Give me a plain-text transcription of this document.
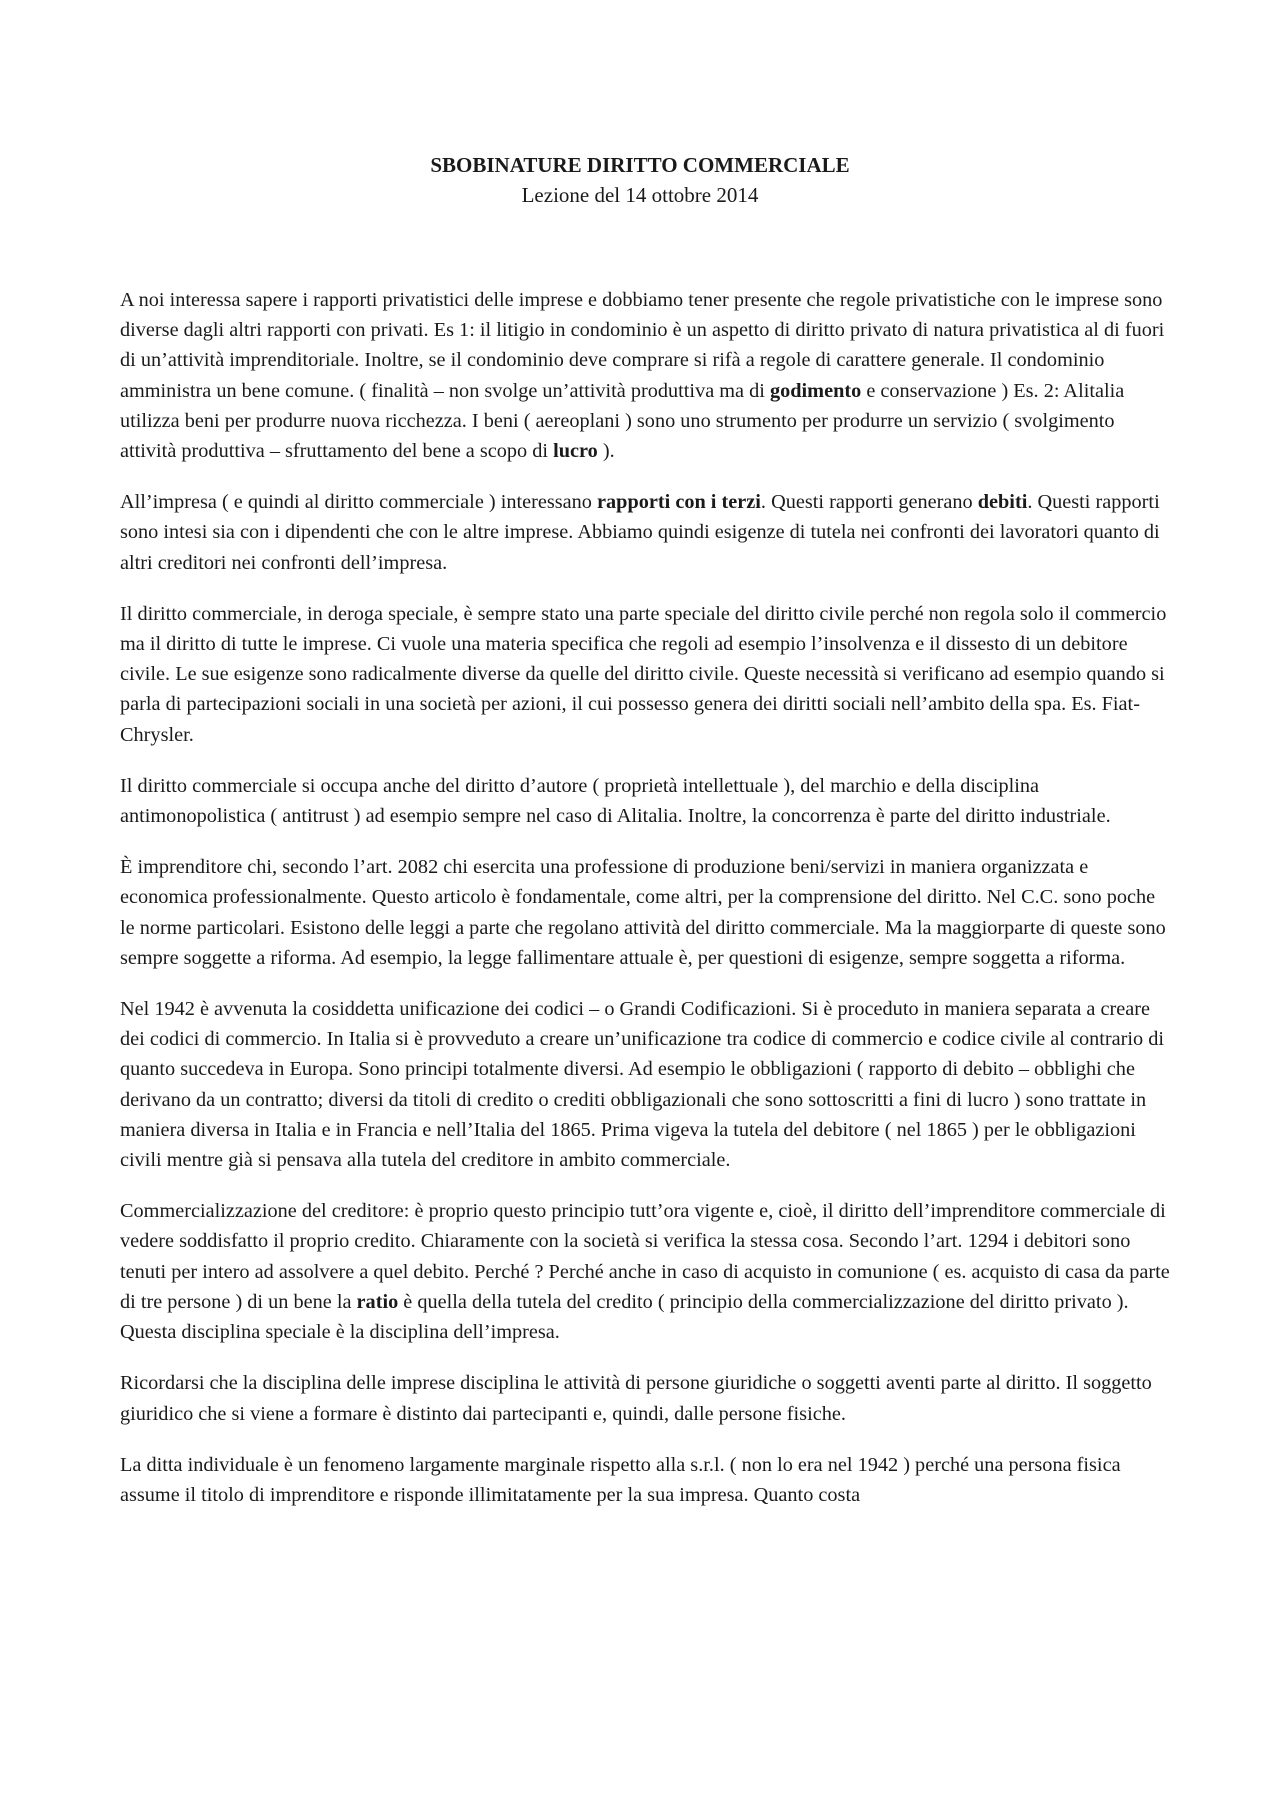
SBOBINATURE DIRITTO COMMERCIALE
Lezione del 14 ottobre 2014

A noi interessa sapere i rapporti privatistici delle imprese e dobbiamo tener presente che regole privatistiche con le imprese sono diverse dagli altri rapporti con privati. Es 1: il litigio in condominio è un aspetto di diritto privato di natura privatistica al di fuori di un’attività imprenditoriale. Inoltre, se il condominio deve comprare si rifà a regole di carattere generale. Il condominio amministra un bene comune. ( finalità – non svolge un’attività produttiva ma di godimento e conservazione ) Es. 2: Alitalia utilizza beni per produrre nuova ricchezza. I beni ( aereoplani ) sono uno strumento per produrre un servizio ( svolgimento attività produttiva – sfruttamento del bene a scopo di lucro ).

All’impresa ( e quindi al diritto commerciale ) interessano rapporti con i terzi. Questi rapporti generano debiti. Questi rapporti sono intesi sia con i dipendenti che con le altre imprese. Abbiamo quindi esigenze di tutela nei confronti dei lavoratori quanto di altri creditori nei confronti dell’impresa.

Il diritto commerciale, in deroga speciale, è sempre stato una parte speciale del diritto civile perché non regola solo il commercio ma il diritto di tutte le imprese. Ci vuole una materia specifica che regoli ad esempio l’insolvenza e il dissesto di un debitore civile. Le sue esigenze sono radicalmente diverse da quelle del diritto civile. Queste necessità si verificano ad esempio quando si parla di partecipazioni sociali in una società per azioni, il cui possesso genera dei diritti sociali nell’ambito della spa. Es. Fiat-Chrysler.

Il diritto commerciale si occupa anche del diritto d’autore ( proprietà intellettuale ), del marchio e della disciplina antimonopolistica ( antitrust ) ad esempio sempre nel caso di Alitalia. Inoltre, la concorrenza è parte del diritto industriale.

È imprenditore chi, secondo l’art. 2082 chi esercita una professione di produzione beni/servizi in maniera organizzata e economica professionalmente. Questo articolo è fondamentale, come altri, per la comprensione del diritto. Nel C.C. sono poche le norme particolari. Esistono delle leggi a parte che regolano attività del diritto commerciale. Ma la maggiorparte di queste sono sempre soggette a riforma. Ad esempio, la legge fallimentare attuale è, per questioni di esigenze, sempre soggetta a riforma.

Nel 1942 è avvenuta la cosiddetta unificazione dei codici – o Grandi Codificazioni. Si è proceduto in maniera separata a creare dei codici di commercio. In Italia si è provveduto a creare un’unificazione tra codice di commercio e codice civile al contrario di quanto succedeva in Europa. Sono principi totalmente diversi. Ad esempio le obbligazioni ( rapporto di debito – obblighi che derivano da un contratto; diversi da titoli di credito o crediti obbligazionali che sono sottoscritti a fini di lucro ) sono trattate in maniera diversa in Italia e in Francia e nell’Italia del 1865. Prima vigeva la tutela del debitore ( nel 1865 ) per le obbligazioni civili mentre già si pensava alla tutela del creditore in ambito commerciale.

Commercializzazione del creditore: è proprio questo principio tutt’ora vigente e, cioè, il diritto dell’imprenditore commerciale di vedere soddisfatto il proprio credito. Chiaramente con la società si verifica la stessa cosa. Secondo l’art. 1294 i debitori sono tenuti per intero ad assolvere a quel debito. Perché ? Perché anche in caso di acquisto in comunione ( es. acquisto di casa da parte di tre persone ) di un bene la ratio è quella della tutela del credito ( principio della commercializzazione del diritto privato ). Questa disciplina speciale è la disciplina dell’impresa.

Ricordarsi che la disciplina delle imprese disciplina le attività di persone giuridiche o soggetti aventi parte al diritto. Il soggetto giuridico che si viene a formare è distinto dai partecipanti e, quindi, dalle persone fisiche.

La ditta individuale è un fenomeno largamente marginale rispetto alla s.r.l. ( non lo era nel 1942 ) perché una persona fisica assume il titolo di imprenditore e risponde illimitatamente per la sua impresa. Quanto costa
